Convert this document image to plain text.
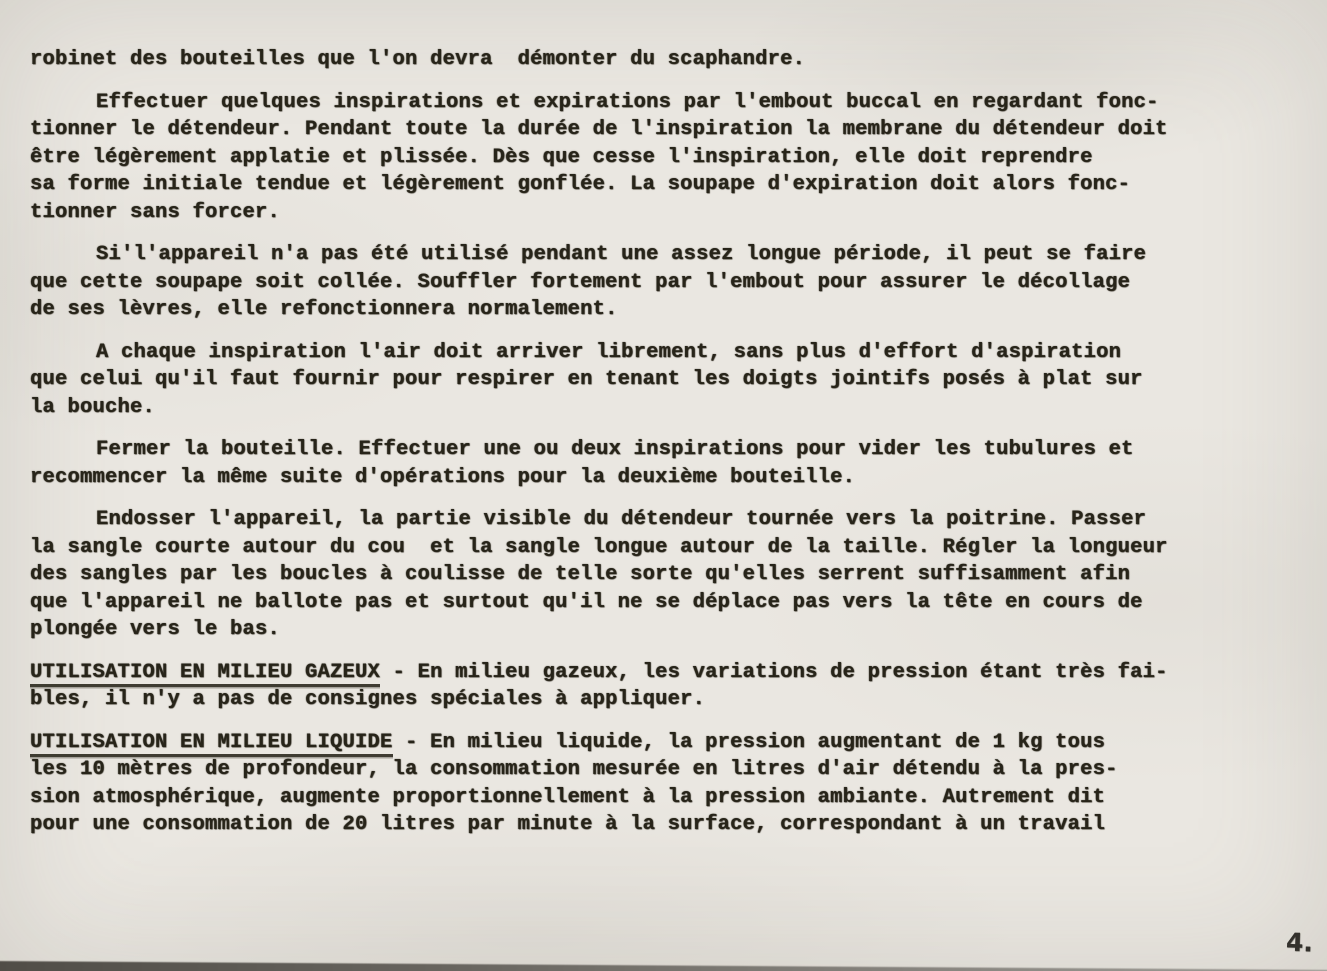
robinet des bouteilles que l'on devra  démonter du scaphandre.
Effectuer quelques inspirations et expirations par l'embout buccal en regardant fonc-
tionner le détendeur. Pendant toute la durée de l'inspiration la membrane du détendeur doit
être légèrement applatie et plissée. Dès que cesse l'inspiration, elle doit reprendre
sa forme initiale tendue et légèrement gonflée. La soupape d'expiration doit alors fonc-
tionner sans forcer.
Si'l'appareil n'a pas été utilisé pendant une assez longue période, il peut se faire
que cette soupape soit collée. Souffler fortement par l'embout pour assurer le décollage
de ses lèvres, elle refonctionnera normalement.
A chaque inspiration l'air doit arriver librement, sans plus d'effort d'aspiration
que celui qu'il faut fournir pour respirer en tenant les doigts jointifs posés à plat sur
la bouche.
Fermer la bouteille. Effectuer une ou deux inspirations pour vider les tubulures et
recommencer la même suite d'opérations pour la deuxième bouteille.
Endosser l'appareil, la partie visible du détendeur tournée vers la poitrine. Passer
la sangle courte autour du cou  et la sangle longue autour de la taille. Régler la longueur
des sangles par les boucles à coulisse de telle sorte qu'elles serrent suffisamment afin
que l'appareil ne ballote pas et surtout qu'il ne se déplace pas vers la tête en cours de
plongée vers le bas.
UTILISATION EN MILIEU GAZEUX - En milieu gazeux, les variations de pression étant très fai-
bles, il n'y a pas de consignes spéciales à appliquer.
UTILISATION EN MILIEU LIQUIDE - En milieu liquide, la pression augmentant de 1 kg tous
les 10 mètres de profondeur, la consommation mesurée en litres d'air détendu à la pres-
sion atmosphérique, augmente proportionnellement à la pression ambiante. Autrement dit
pour une consommation de 20 litres par minute à la surface, correspondant à un travail
4.
